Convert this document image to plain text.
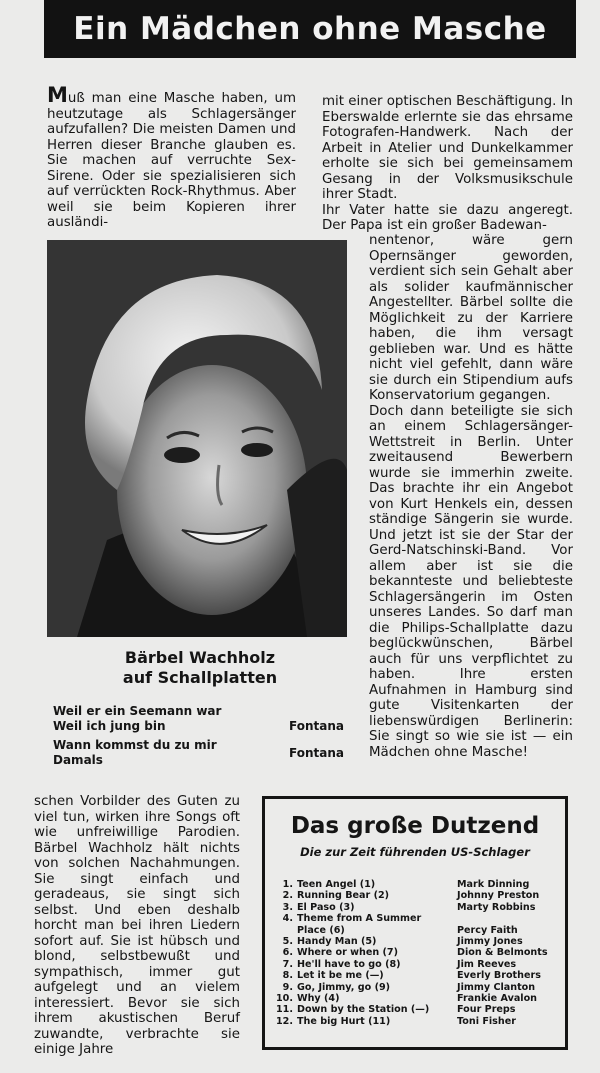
Ein Mädchen ohne Masche

Muß man eine Masche haben, um heutzutage als Schlagersänger aufzufallen? Die meisten Damen und Herren dieser Branche glauben es. Sie machen auf verruchte Sex-Sirene. Oder sie spezialisieren sich auf verrückten Rock-Rhythmus. Aber weil sie beim Kopieren ihrer ausländi-

mit einer optischen Beschäftigung. In Eberswalde erlernte sie das ehrsame Fotografen-Handwerk. Nach der Arbeit in Atelier und Dunkelkammer erholte sie sich bei gemeinsamem Gesang in der Volksmusikschule ihrer Stadt.

Ihr Vater hatte sie dazu angeregt. Der Papa ist ein großer Badewan-

nentenor, wäre gern Opernsänger geworden, verdient sich sein Gehalt aber als solider kaufmännischer Angestellter. Bärbel sollte die Möglichkeit zu der Karriere haben, die ihm versagt geblieben war. Und es hätte nicht viel gefehlt, dann wäre sie durch ein Stipendium aufs Konservatorium gegangen.

Doch dann beteiligte sie sich an einem Schlagersänger-Wettstreit in Berlin. Unter zweitausend Bewerbern wurde sie immerhin zweite. Das brachte ihr ein Angebot von Kurt Henkels ein, dessen ständige Sängerin sie wurde. Und jetzt ist sie der Star der Gerd-Natschinski-Band. Vor allem aber ist sie die bekannteste und beliebteste Schlagersängerin im Osten unseres Landes. So darf man die Philips-Schallplatte dazu beglückwünschen, Bärbel auch für uns verpflichtet zu haben. Ihre ersten Aufnahmen in Hamburg sind gute Visitenkarten der liebenswürdigen Berlinerin: Sie singt so wie sie ist — ein Mädchen ohne Masche!

Bärbel Wachholz
auf Schallplatten
Weil er ein Seemann war
Weil ich jung bin	Fontana
Wann kommst du zu mir
Damals	Fontana

schen Vorbilder des Guten zu viel tun, wirken ihre Songs oft wie unfreiwillige Parodien. Bärbel Wachholz hält nichts von solchen Nachahmungen. Sie singt einfach und geradeaus, sie singt sich selbst. Und eben deshalb horcht man bei ihren Liedern sofort auf. Sie ist hübsch und blond, selbstbewußt und sympathisch, immer gut aufgelegt und an vielem interessiert. Bevor sie sich ihrem akustischen Beruf zuwandte, verbrachte sie einige Jahre

Das große Dutzend
Die zur Zeit führenden US-Schlager
1. Teen Angel (1)	Mark Dinning
2. Running Bear (2)	Johnny Preston
3. El Paso (3)	Marty Robbins
4. Theme from A Summer
Place (6)	Percy Faith
5. Handy Man (5)	Jimmy Jones
6. Where or when (7)	Dion & Belmonts
7. He'll have to go (8)	Jim Reeves
8. Let it be me (—)	Everly Brothers
9. Go, Jimmy, go (9)	Jimmy Clanton
10. Why (4)	Frankie Avalon
11. Down by the Station (—)	Four Preps
12. The big Hurt (11)	Toni Fisher
